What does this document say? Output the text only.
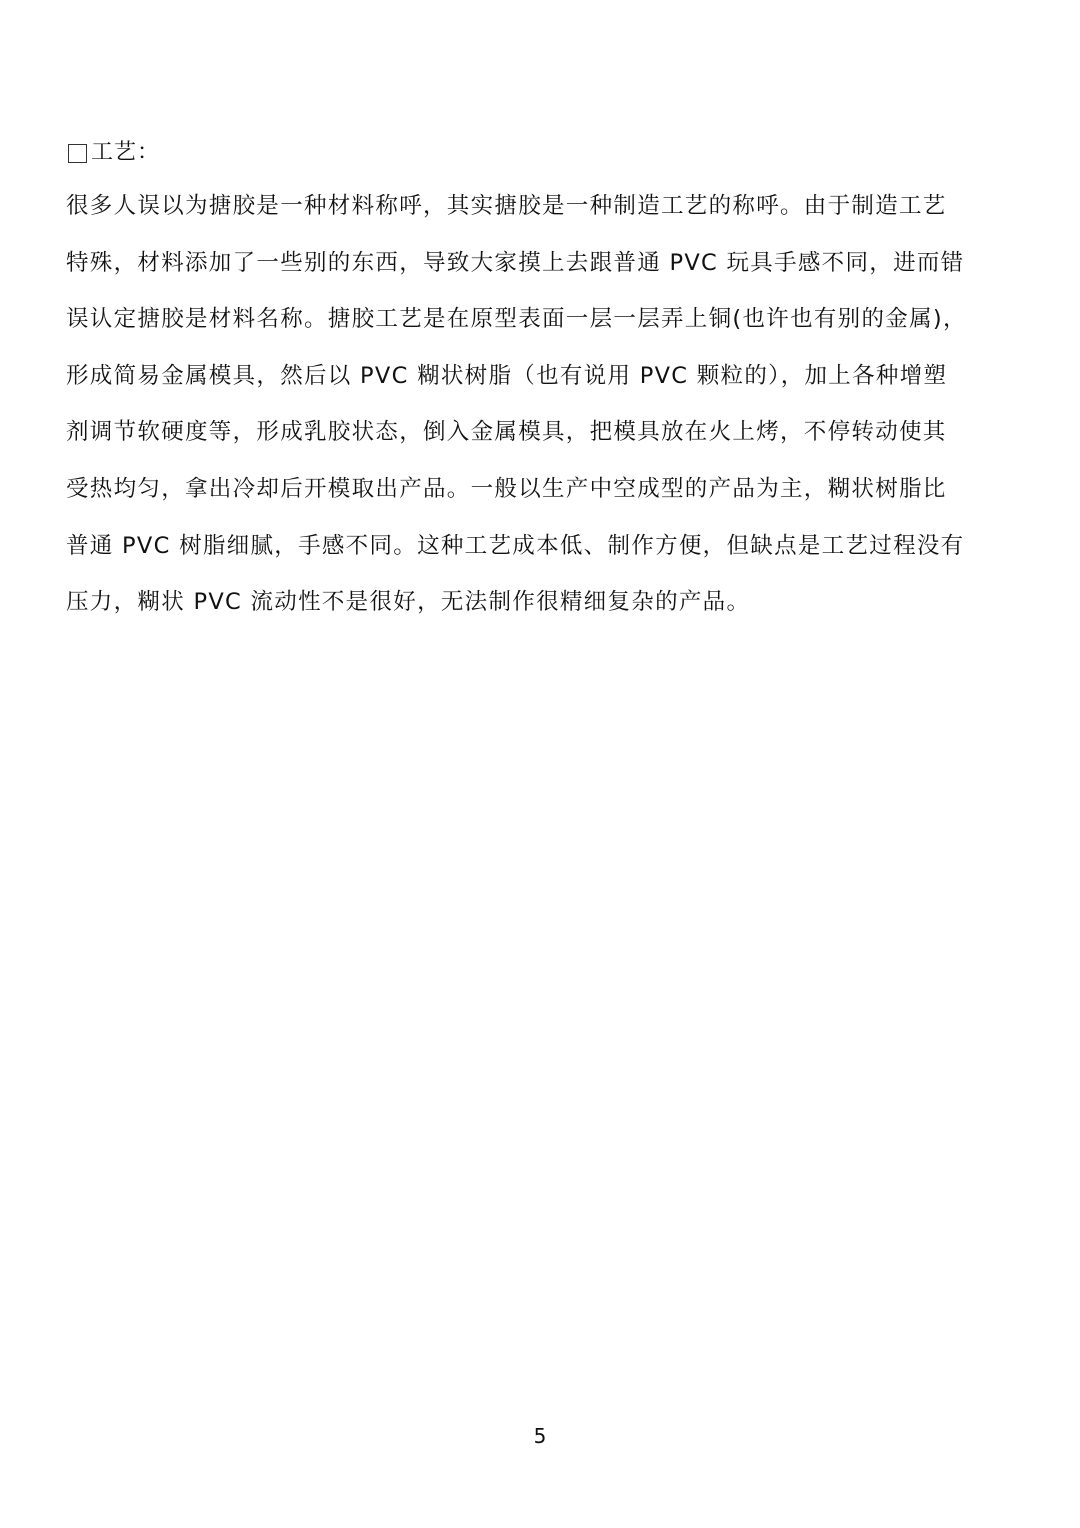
工艺：
很多人误以为搪胶是一种材料称呼，其实搪胶是一种制造工艺的称呼。由于制造工艺
特殊，材料添加了一些别的东西，导致大家摸上去跟普通 PVC 玩具手感不同，进而错
误认定搪胶是材料名称。搪胶工艺是在原型表面一层一层弄上铜(也许也有别的金属)，
形成简易金属模具，然后以 PVC 糊状树脂（也有说用 PVC 颗粒的），加上各种增塑
剂调节软硬度等，形成乳胶状态，倒入金属模具，把模具放在火上烤，不停转动使其
受热均匀，拿出冷却后开模取出产品。一般以生产中空成型的产品为主，糊状树脂比
普通 PVC 树脂细腻，手感不同。这种工艺成本低、制作方便，但缺点是工艺过程没有
压力，糊状 PVC 流动性不是很好，无法制作很精细复杂的产品。
5
